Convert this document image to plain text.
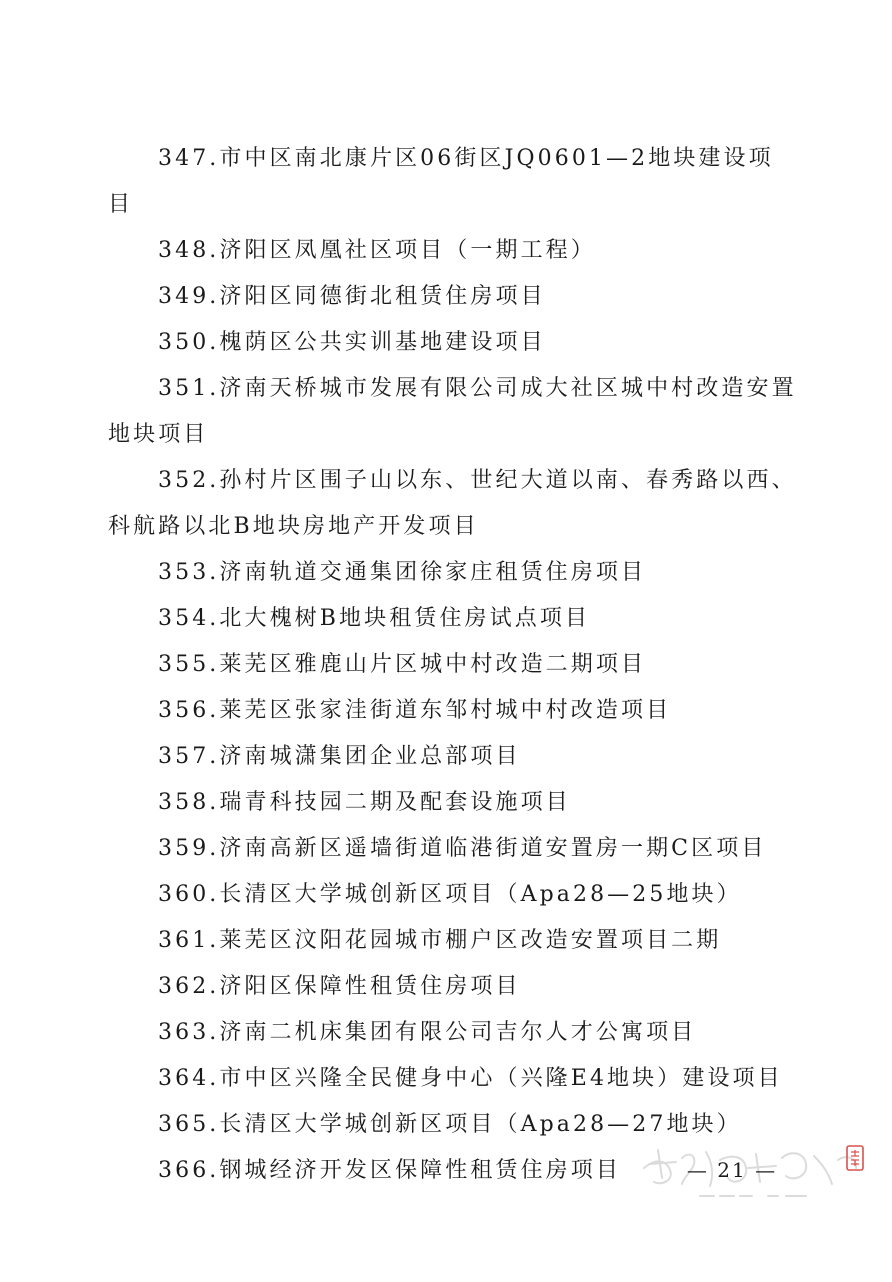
347.市中区南北康片区06街区JQ0601—2地块建设项目
348.济阳区凤凰社区项目（一期工程）
349.济阳区同德街北租赁住房项目
350.槐荫区公共实训基地建设项目
351.济南天桥城市发展有限公司成大社区城中村改造安置地块项目
352.孙村片区围子山以东、世纪大道以南、春秀路以西、科航路以北B地块房地产开发项目
353.济南轨道交通集团徐家庄租赁住房项目
354.北大槐树B地块租赁住房试点项目
355.莱芜区雅鹿山片区城中村改造二期项目
356.莱芜区张家洼街道东邹村城中村改造项目
357.济南城潇集团企业总部项目
358.瑞青科技园二期及配套设施项目
359.济南高新区遥墙街道临港街道安置房一期C区项目
360.长清区大学城创新区项目（Apa28—25地块）
361.莱芜区汶阳花园城市棚户区改造安置项目二期
362.济阳区保障性租赁住房项目
363.济南二机床集团有限公司吉尔人才公寓项目
364.市中区兴隆全民健身中心（兴隆E4地块）建设项目
365.长清区大学城创新区项目（Apa28—27地块）
366.钢城经济开发区保障性租赁住房项目	— 21 —
